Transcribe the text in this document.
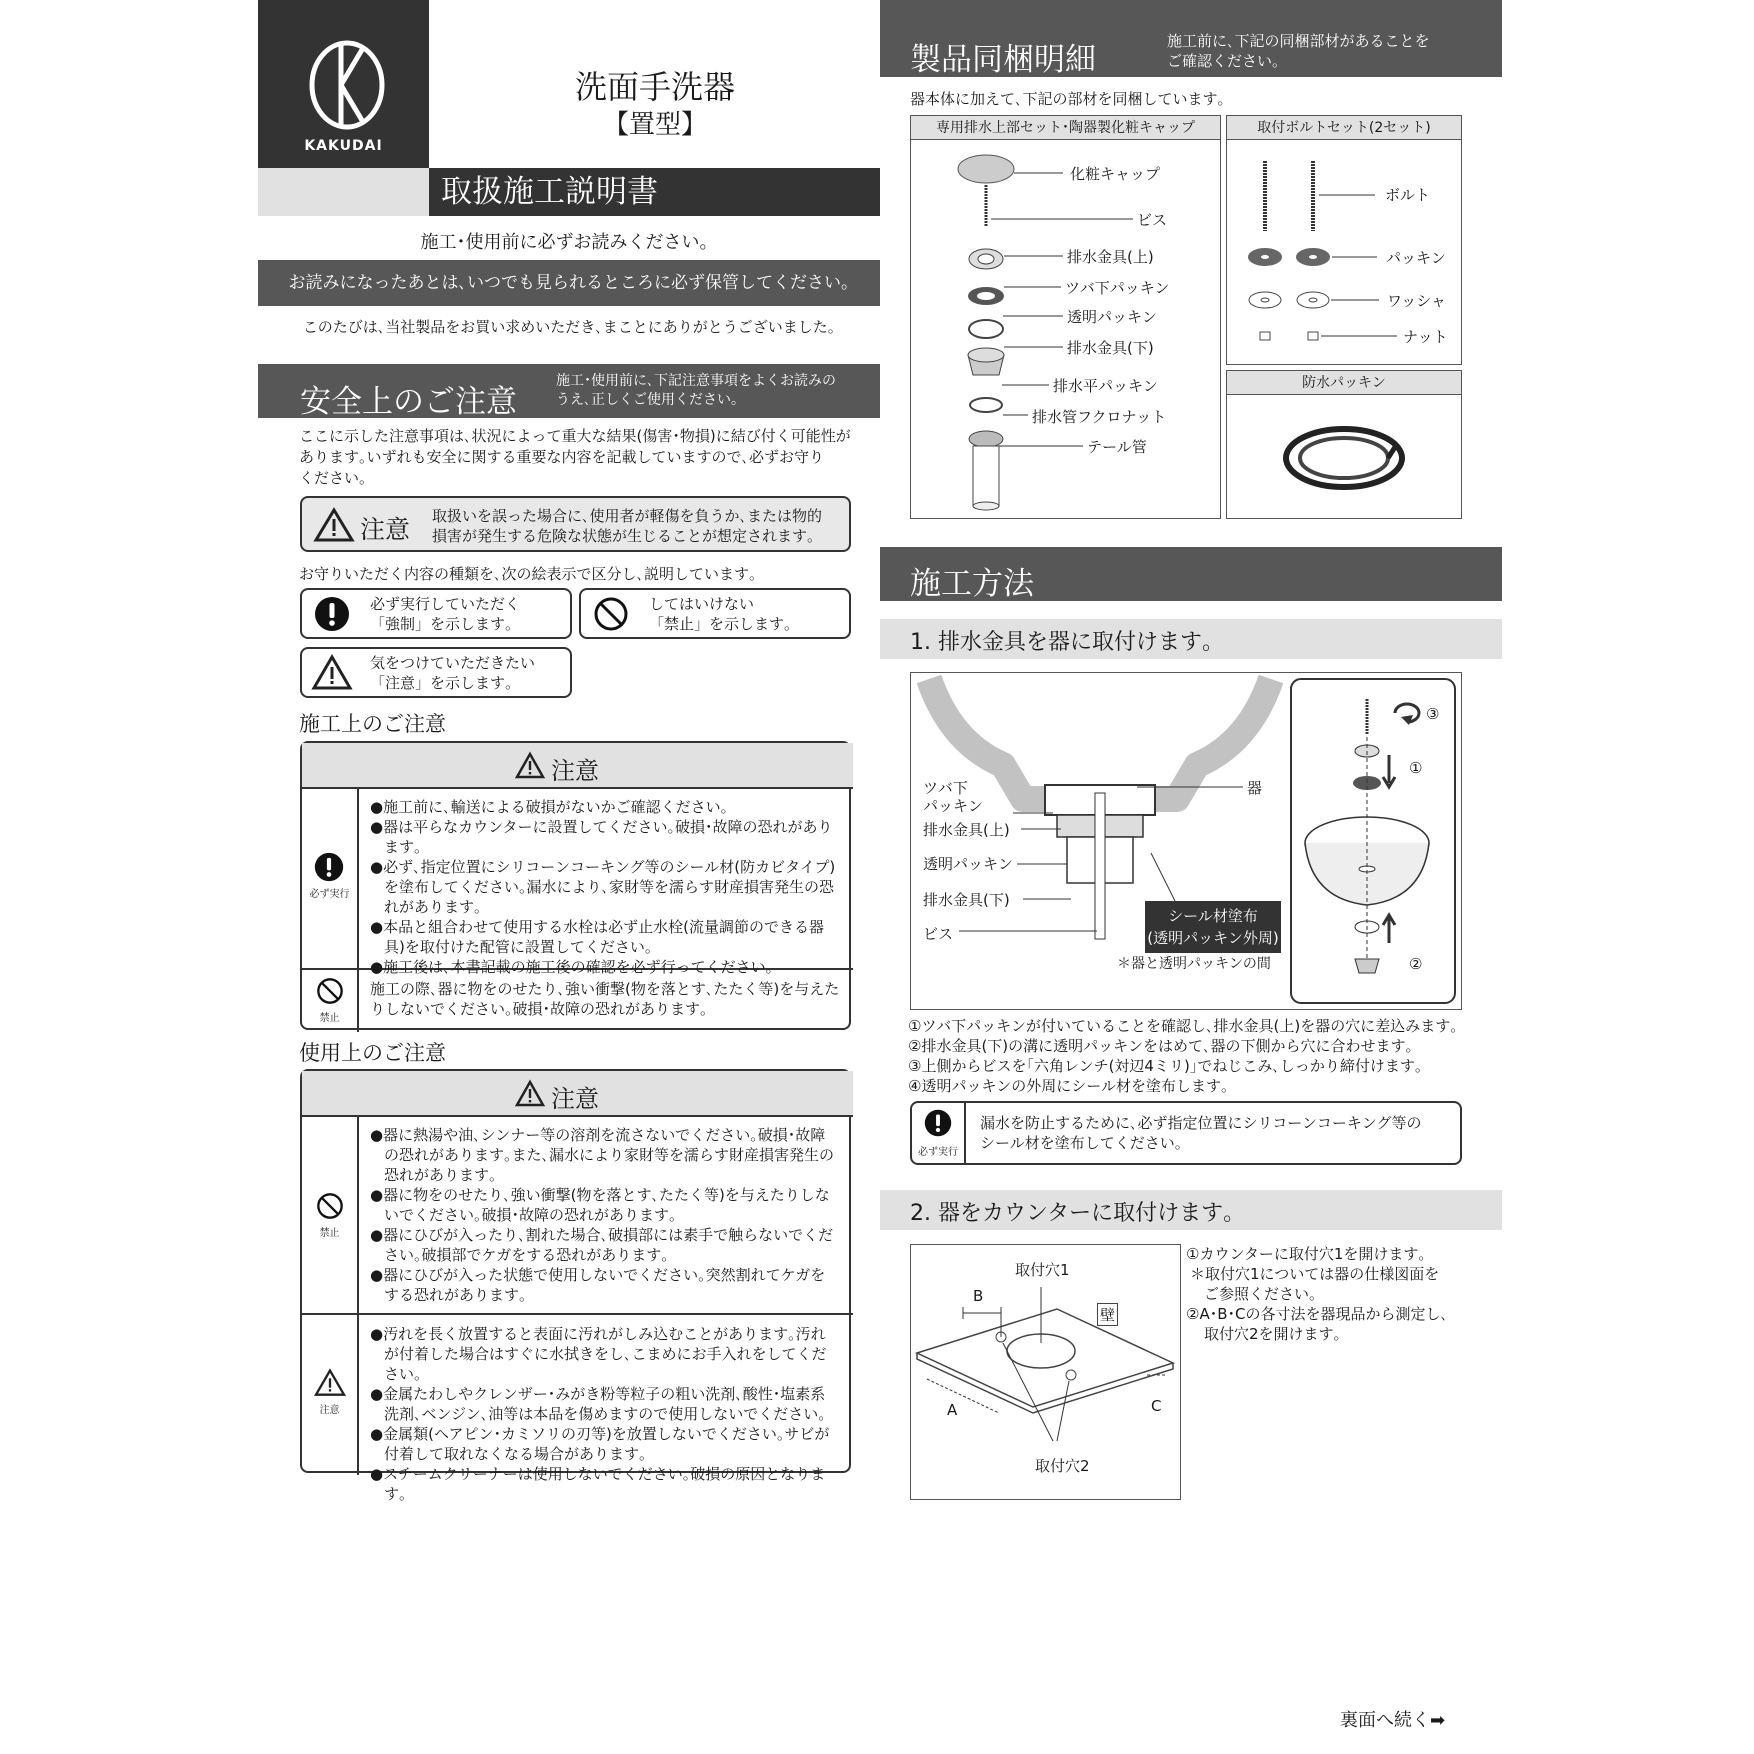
KAKUDAI
洗面手洗器
【置型】
取扱施工説明書
施工･使用前に必ずお読みください。
お読みになったあとは､いつでも見られるところに必ず保管してください｡
このたびは､当社製品をお買い求めいただき､まことにありがとうございました｡
安全上のご注意
施工･使用前に､下記注意事項をよくお読みの
うえ､正しくご使用ください｡
ここに示した注意事項は､状況によって重大な結果(傷害･物損)に結び付く可能性が
あります｡いずれも安全に関する重要な内容を記載していますので､必ずお守り
ください｡
注意 取扱いを誤った場合に､使用者が軽傷を負うか､または物的
損害が発生する危険な状態が生じることが想定されます｡
お守りいただく内容の種類を､次の絵表示で区分し､説明しています｡
必ず実行していただく
「強制」を示します｡
してはいけない
「禁止」を示します｡
気をつけていただきたい
「注意」を示します｡
施工上のご注意
注意
必ず実行
● 施工前に､輸送による破損がないかご確認ください｡
● 器は平らなカウンターに設置してください｡破損･故障の恐れがあります｡
● 必ず､指定位置にシリコーンコーキング等のシール材(防カビタイプ)を塗布してください｡漏水により､家財等を濡らす財産損害発生の恐れがあります｡
● 本品と組合わせて使用する水栓は必ず止水栓(流量調節のできる器具)を取付けた配管に設置してください｡
● 施工後は､本書記載の施工後の確認を必ず行ってください｡
禁止
施工の際､器に物をのせたり､強い衝撃(物を落とす､たたく等)を与えたりしないでください｡破損･故障の恐れがあります｡
使用上のご注意
注意
禁止
● 器に熱湯や油､シンナー等の溶剤を流さないでください｡破損･故障の恐れがあります｡また､漏水により家財等を濡らす財産損害発生の恐れがあります｡
● 器に物をのせたり､強い衝撃(物を落とす､たたく等)を与えたりしないでください｡破損･故障の恐れがあります｡
● 器にひびが入ったり､割れた場合､破損部には素手で触らないでください｡破損部でケガをする恐れがあります｡
● 器にひびが入った状態で使用しないでください｡突然割れてケガをする恐れがあります｡
注意
● 汚れを長く放置すると表面に汚れがしみ込むことがあります｡汚れが付着した場合はすぐに水拭きをし､こまめにお手入れをしてください｡
● 金属たわしやクレンザー･みがき粉等粒子の粗い洗剤､酸性･塩素系洗剤､ベンジン､油等は本品を傷めますので使用しないでください｡
● 金属類(ヘアピン･カミソリの刃等)を放置しないでください｡サビが付着して取れなくなる場合があります｡
● スチームクリーナーは使用しないでください｡破損の原因となります｡
製品同梱明細
施工前に､下記の同梱部材があることを
ご確認ください｡
器本体に加えて､下記の部材を同梱しています｡
専用排水上部セット･陶器製化粧キャップ
化粧キャップ
ビス
排水金具(上)
ツバ下パッキン
透明パッキン
排水金具(下)
排水平パッキン
排水管フクロナット
テール管
取付ボルトセット(2セット)
ボルト
パッキン
ワッシャ
ナット
防水パッキン
施工方法
1. 排水金具を器に取付けます｡
ツバ下
パッキン
排水金具(上)
透明パッキン
排水金具(下)
ビス
器
シール材塗布
(透明パッキン外周)
＊器と透明パッキンの間
③
①
②
①ツバ下パッキンが付いていることを確認し､排水金具(上)を器の穴に差込みます｡
②排水金具(下)の溝に透明パッキンをはめて､器の下側から穴に合わせます｡
③上側からビスを｢六角レンチ(対辺4ミリ)｣でねじこみ､しっかり締付けます｡
④透明パッキンの外周にシール材を塗布します｡
必ず実行
漏水を防止するために､必ず指定位置にシリコーンコーキング等の
シール材を塗布してください｡
2. 器をカウンターに取付けます｡
取付穴1
取付穴2
壁
B
A	C
①カウンターに取付穴1を開けます｡
＊取付穴1については器の仕様図面を
ご参照ください｡
②A･B･Cの各寸法を器現品から測定し､
取付穴2を開けます｡
裏面へ続く➡
